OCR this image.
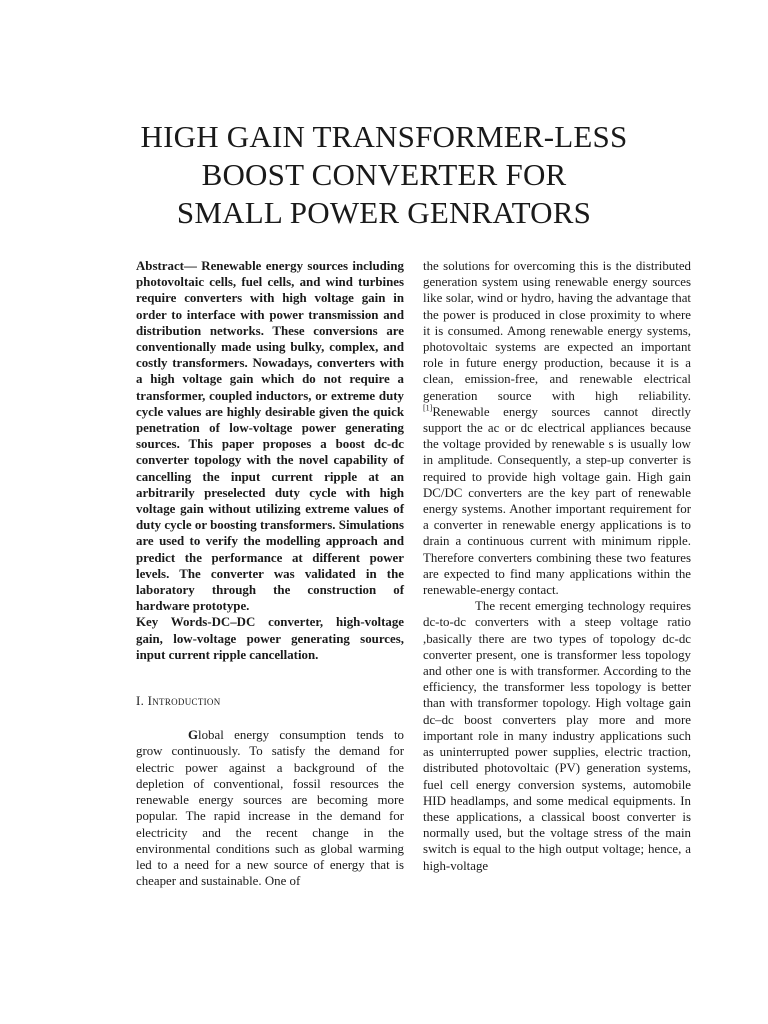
HIGH GAIN TRANSFORMER-LESS
BOOST CONVERTER FOR
SMALL POWER GENRATORS

Abstract— Renewable energy sources including photovoltaic cells, fuel cells, and wind turbines require converters with high voltage gain in order to interface with power transmission and distribution networks. These conversions are conventionally made using bulky, complex, and costly transformers. Nowadays, converters with a high voltage gain which do not require a transformer, coupled inductors, or extreme duty cycle values are highly desirable given the quick penetration of low-voltage power generating sources. This paper proposes a boost dc-dc converter topology with the novel capability of cancelling the input current ripple at an arbitrarily preselected duty cycle with high voltage gain without utilizing extreme values of duty cycle or boosting transformers. Simulations are used to verify the modelling approach and predict the performance at different power levels. The converter was validated in the laboratory through the construction of hardware prototype.

Key Words-DC–DC converter, high-voltage gain, low-voltage power generating sources, input current ripple cancellation.

I. Introduction

Global energy consumption tends to grow continuously. To satisfy the demand for electric power against a background of the depletion of conventional, fossil resources the renewable energy sources are becoming more popular. The rapid increase in the demand for electricity and the recent change in the environmental conditions such as global warming led to a need for a new source of energy that is cheaper and sustainable. One of

the solutions for overcoming this is the distributed generation system using renewable energy sources like solar, wind or hydro, having the advantage that the power is produced in close proximity to where it is consumed. Among renewable energy systems, photovoltaic systems are expected an important role in future energy production, because it is a clean, emission-free, and renewable electrical generation source with high reliability. [1]Renewable energy sources cannot directly support the ac or dc electrical appliances because the voltage provided by renewable s is usually low in amplitude. Consequently, a step-up converter is required to provide high voltage gain. High gain DC/DC converters are the key part of renewable energy systems. Another important requirement for a converter in renewable energy applications is to drain a continuous current with minimum ripple. Therefore converters combining these two features are expected to find many applications within the renewable-energy contact.

The recent emerging technology requires dc-to-dc converters with a steep voltage ratio ,basically there are two types of topology dc-dc converter present, one is transformer less topology and other one is with transformer. According to the efficiency, the transformer less topology is better than with transformer topology. High voltage gain dc–dc boost converters play more and more important role in many industry applications such as uninterrupted power supplies, electric traction, distributed photovoltaic (PV) generation systems, fuel cell energy conversion systems, automobile HID headlamps, and some medical equipments. In these applications, a classical boost converter is normally used, but the voltage stress of the main switch is equal to the high output voltage; hence, a high-voltage
